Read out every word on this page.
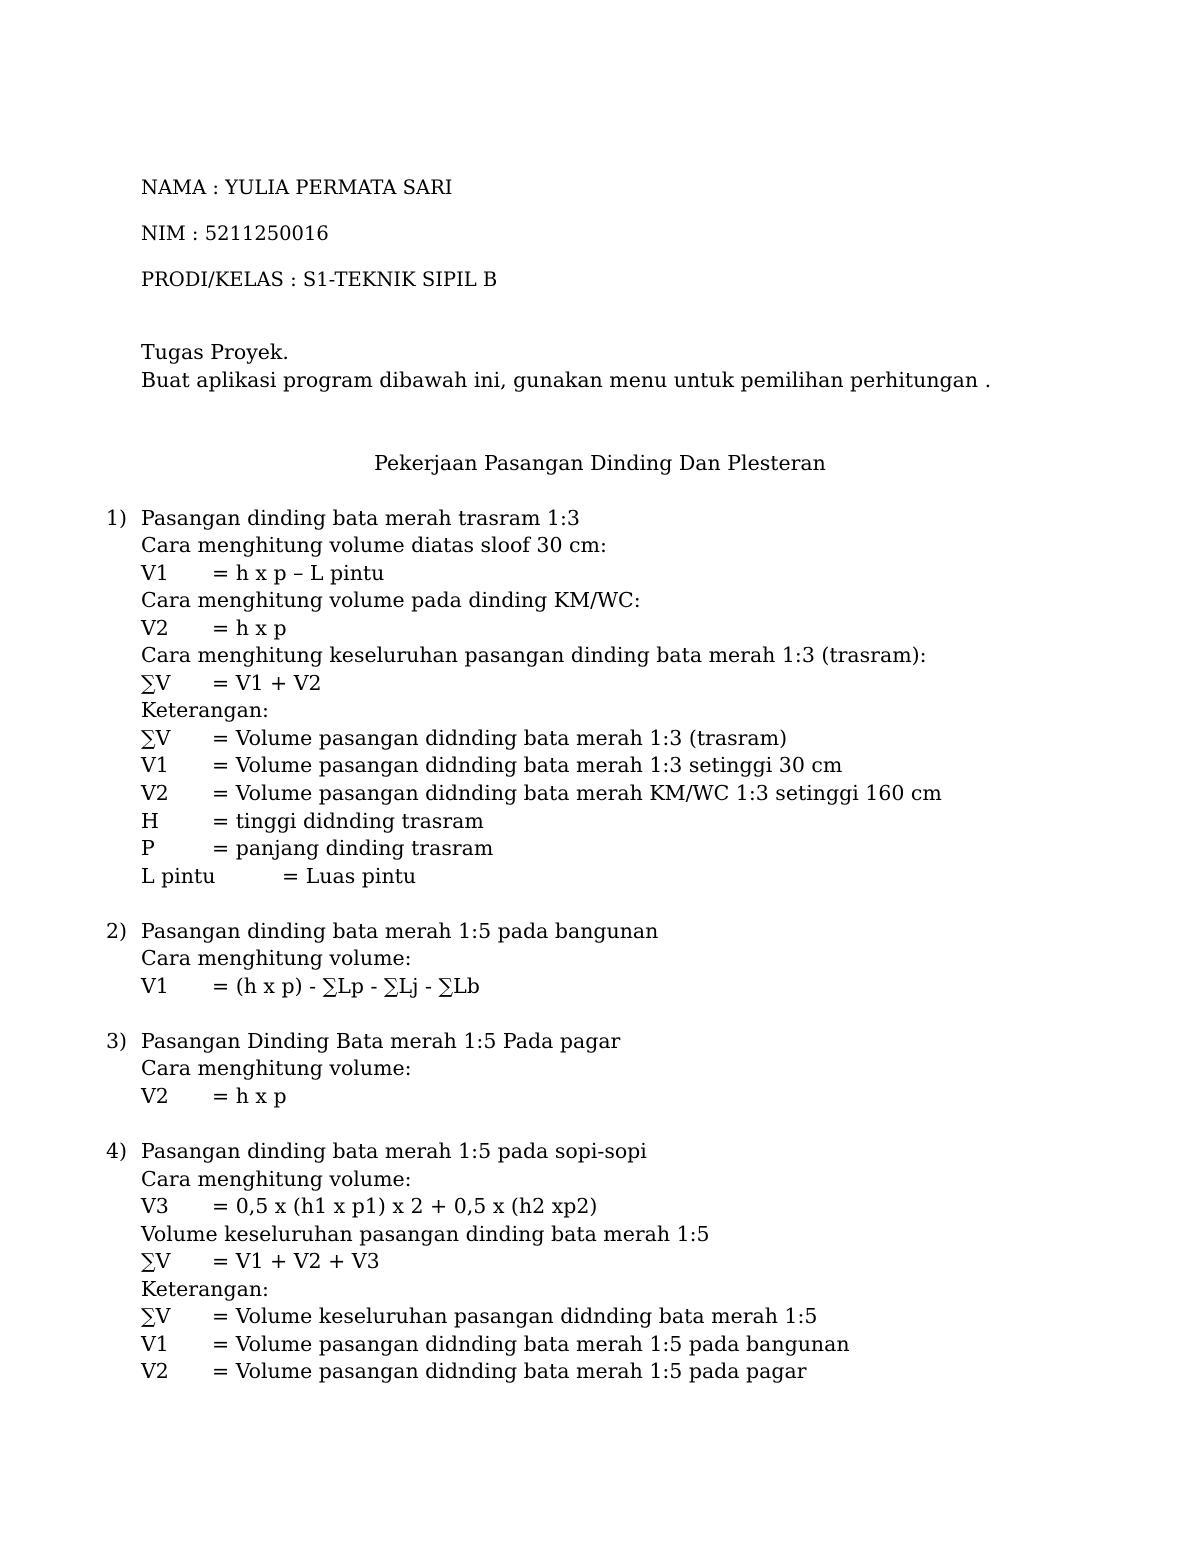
NAMA : YULIA PERMATA SARI
NIM : 5211250016
PRODI/KELAS : S1-TEKNIK SIPIL B
Tugas Proyek.
Buat aplikasi program dibawah ini, gunakan menu untuk pemilihan perhitungan .
Pekerjaan Pasangan Dinding Dan Plesteran
1) Pasangan dinding bata merah trasram 1:3
Cara menghitung volume diatas sloof 30 cm:
V1 = h x p – L pintu
Cara menghitung volume pada dinding KM/WC:
V2 = h x p
Cara menghitung keseluruhan pasangan dinding bata merah 1:3 (trasram):
∑V = V1 + V2
Keterangan:
∑V = Volume pasangan didnding bata merah 1:3 (trasram)
V1 = Volume pasangan didnding bata merah 1:3 setinggi 30 cm
V2 = Volume pasangan didnding bata merah KM/WC 1:3 setinggi 160 cm
H	= tinggi didnding trasram
P	= panjang dinding trasram
L pintu	= Luas pintu
2) Pasangan dinding bata merah 1:5 pada bangunan
Cara menghitung volume:
V1 = (h x p) - ∑Lp - ∑Lj - ∑Lb
3) Pasangan Dinding Bata merah 1:5 Pada pagar
Cara menghitung volume:
V2 = h x p
4) Pasangan dinding bata merah 1:5 pada sopi-sopi
Cara menghitung volume:
V3 = 0,5 x (h1 x p1) x 2 + 0,5 x (h2 xp2)
Volume keseluruhan pasangan dinding bata merah 1:5
∑V = V1 + V2 + V3
Keterangan:
∑V = Volume keseluruhan pasangan didnding bata merah 1:5
V1 = Volume pasangan didnding bata merah 1:5 pada bangunan
V2 = Volume pasangan didnding bata merah 1:5 pada pagar
